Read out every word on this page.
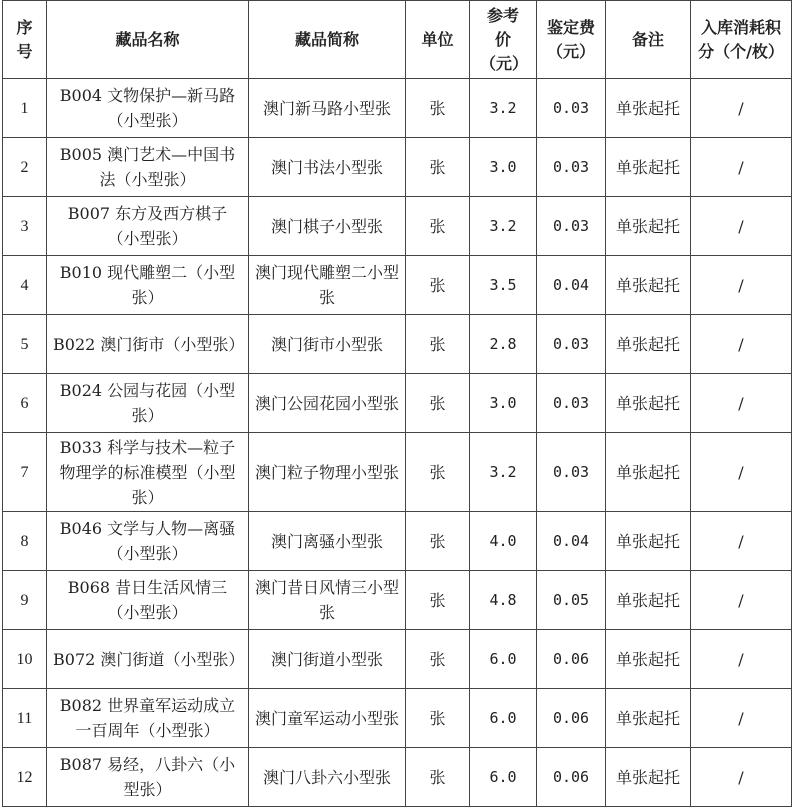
序号	藏品名称	藏品简称	单位	参考价（元）	鉴定费（元）	备注	入库消耗积分（个/枚）
1	B004 文物保护—新马路（小型张）	澳门新马路小型张	张	3.2	0.03	单张起托	/
2	B005 澳门艺术—中国书法（小型张）	澳门书法小型张	张	3.0	0.03	单张起托	/
3	B007 东方及西方棋子（小型张）	澳门棋子小型张	张	3.2	0.03	单张起托	/
4	B010 现代雕塑二（小型张）	澳门现代雕塑二小型张	张	3.5	0.04	单张起托	/
5	B022 澳门街市（小型张）	澳门街市小型张	张	2.8	0.03	单张起托	/
6	B024 公园与花园（小型张）	澳门公园花园小型张	张	3.0	0.03	单张起托	/
7	B033 科学与技术—粒子物理学的标准模型（小型张）	澳门粒子物理小型张	张	3.2	0.03	单张起托	/
8	B046 文学与人物—离骚（小型张）	澳门离骚小型张	张	4.0	0.04	单张起托	/
9	B068 昔日生活风情三（小型张）	澳门昔日风情三小型张	张	4.8	0.05	单张起托	/
10	B072 澳门街道（小型张）	澳门街道小型张	张	6.0	0.06	单张起托	/
11	B082 世界童军运动成立一百周年（小型张）	澳门童军运动小型张	张	6.0	0.06	单张起托	/
12	B087 易经，八卦六（小型张）	澳门八卦六小型张	张	6.0	0.06	单张起托	/
